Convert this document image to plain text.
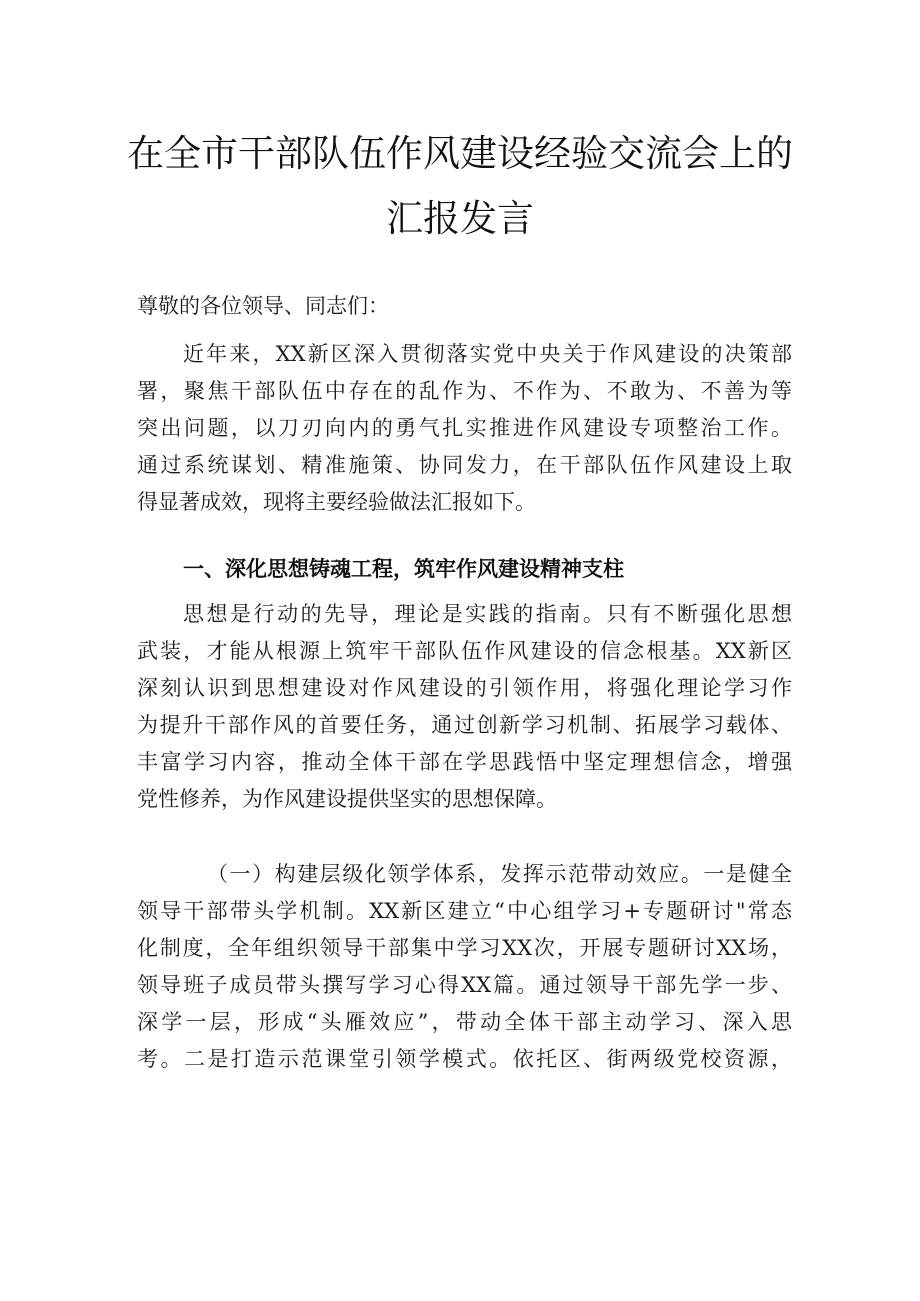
在全市干部队伍作风建设经验交流会上的
汇报发言
尊敬的各位领导、同志们：
近年来，XX新区深入贯彻落实党中央关于作风建设的决策部
署，聚焦干部队伍中存在的乱作为、不作为、不敢为、不善为等
突出问题，以刀刃向内的勇气扎实推进作风建设专项整治工作。
通过系统谋划、精准施策、协同发力，在干部队伍作风建设上取
得显著成效，现将主要经验做法汇报如下。
一、深化思想铸魂工程，筑牢作风建设精神支柱
思想是行动的先导，理论是实践的指南。只有不断强化思想
武装，才能从根源上筑牢干部队伍作风建设的信念根基。XX新区
深刻认识到思想建设对作风建设的引领作用，将强化理论学习作
为提升干部作风的首要任务，通过创新学习机制、拓展学习载体、
丰富学习内容，推动全体干部在学思践悟中坚定理想信念，增强
党性修养，为作风建设提供坚实的思想保障。
（一）构建层级化领学体系，发挥示范带动效应。一是健全
领导干部带头学机制。XX新区建立“中心组学习+专题研讨"常态
化制度，全年组织领导干部集中学习XX次，开展专题研讨XX场，
领导班子成员带头撰写学习心得XX篇。通过领导干部先学一步、
深学一层，形成“头雁效应”，带动全体干部主动学习、深入思
考。二是打造示范课堂引领学模式。依托区、街两级党校资源，
